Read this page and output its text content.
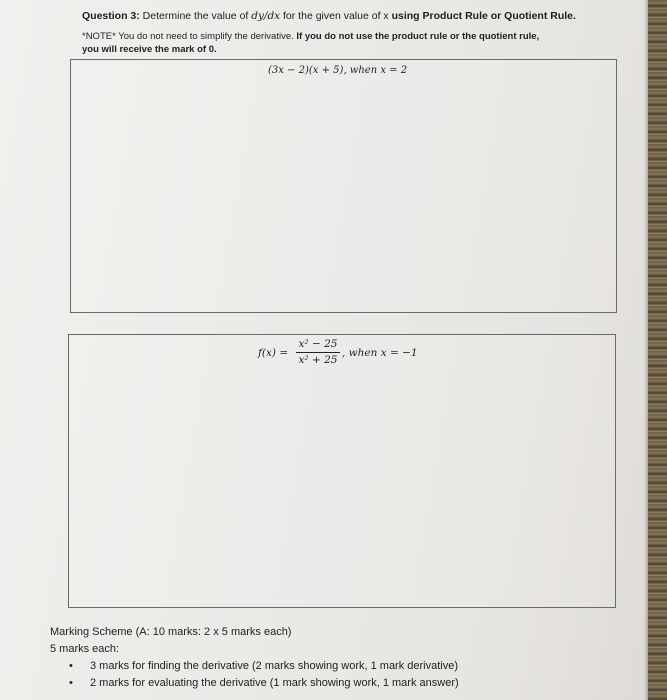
Question 3: Determine the value of dy/dx for the given value of x using Product Rule or Quotient Rule.
*NOTE* You do not need to simplify the derivative. If you do not use the product rule or the quotient rule,
you will receive the mark of 0.
(3x − 2)(x + 5), when x = 2
f(x) =
x² − 25
x² + 25
, when x = −1
Marking Scheme (A: 10 marks: 2 x 5 marks each)
5 marks each:
• 3 marks for finding the derivative (2 marks showing work, 1 mark derivative)
• 2 marks for evaluating the derivative (1 mark showing work, 1 mark answer)
